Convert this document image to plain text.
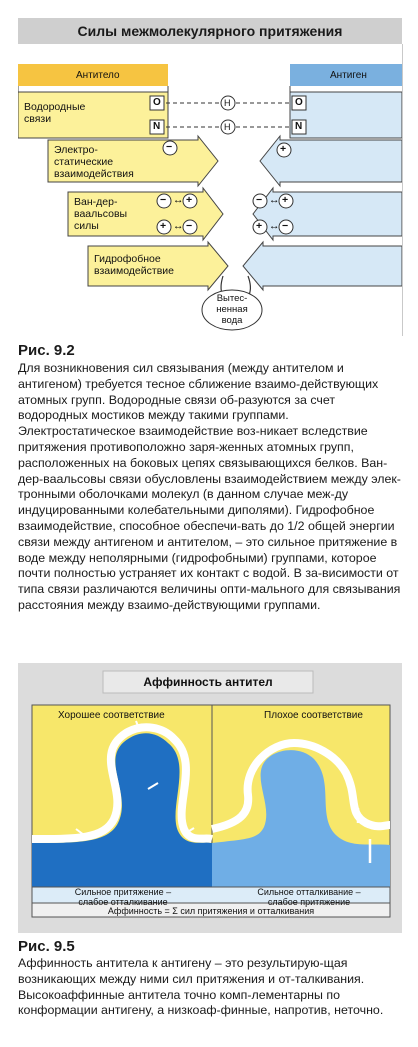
Силы межмолекулярного притяжения
Антитело	Антиген
Водородные
связи
Электро-
статические
взаимодействия
Ван-дер-
ваальсовы
силы
Гидрофобное
взаимодействие
Вытес-
ненная
вода
O
N
O
N
H
H
−	+
− ↔ +
+ ↔ −
− ↔ +
+ ↔ −
Рис. 9.2

Для возникновения сил связывания (между антителом и антигеном) требуется тесное сближение взаимо-действующих атомных групп. Водородные связи об-разуются за счет водородных мостиков между такими группами. Электростатическое взаимодействие воз-никает вследствие притяжения противоположно заря-женных атомных групп, расположенных на боковых цепях связывающихся белков. Ван-дер-ваальсовы связи обусловлены взаимодействием между элек-тронными оболочками молекул (в данном случае меж-ду индуцированными колебательными диполями). Гидрофобное взаимодействие, способное обеспечи-вать до 1/2 общей энергии связи между антигеном и антителом, – это сильное притяжение в воде между неполярными (гидрофобными) группами, которое почти полностью устраняет их контакт с водой. В за-висимости от типа связи различаются величины опти-мального для связывания расстояния между взаимо-действующими группами.

Аффинность антител
Хорошее соответствие	Плохое соответствие
Сильное притяжение –
слабое отталкивание
Сильное отталкивание –
слабое притяжение
Аффинность = Σ сил притяжения и отталкивания
Рис. 9.5

Аффинность антитела к антигену – это результирую-щая возникающих между ними сил притяжения и от-талкивания. Высокоаффинные антитела точно комп-лементарны по конформации антигену, а низкоаф-финные, напротив, неточно.
